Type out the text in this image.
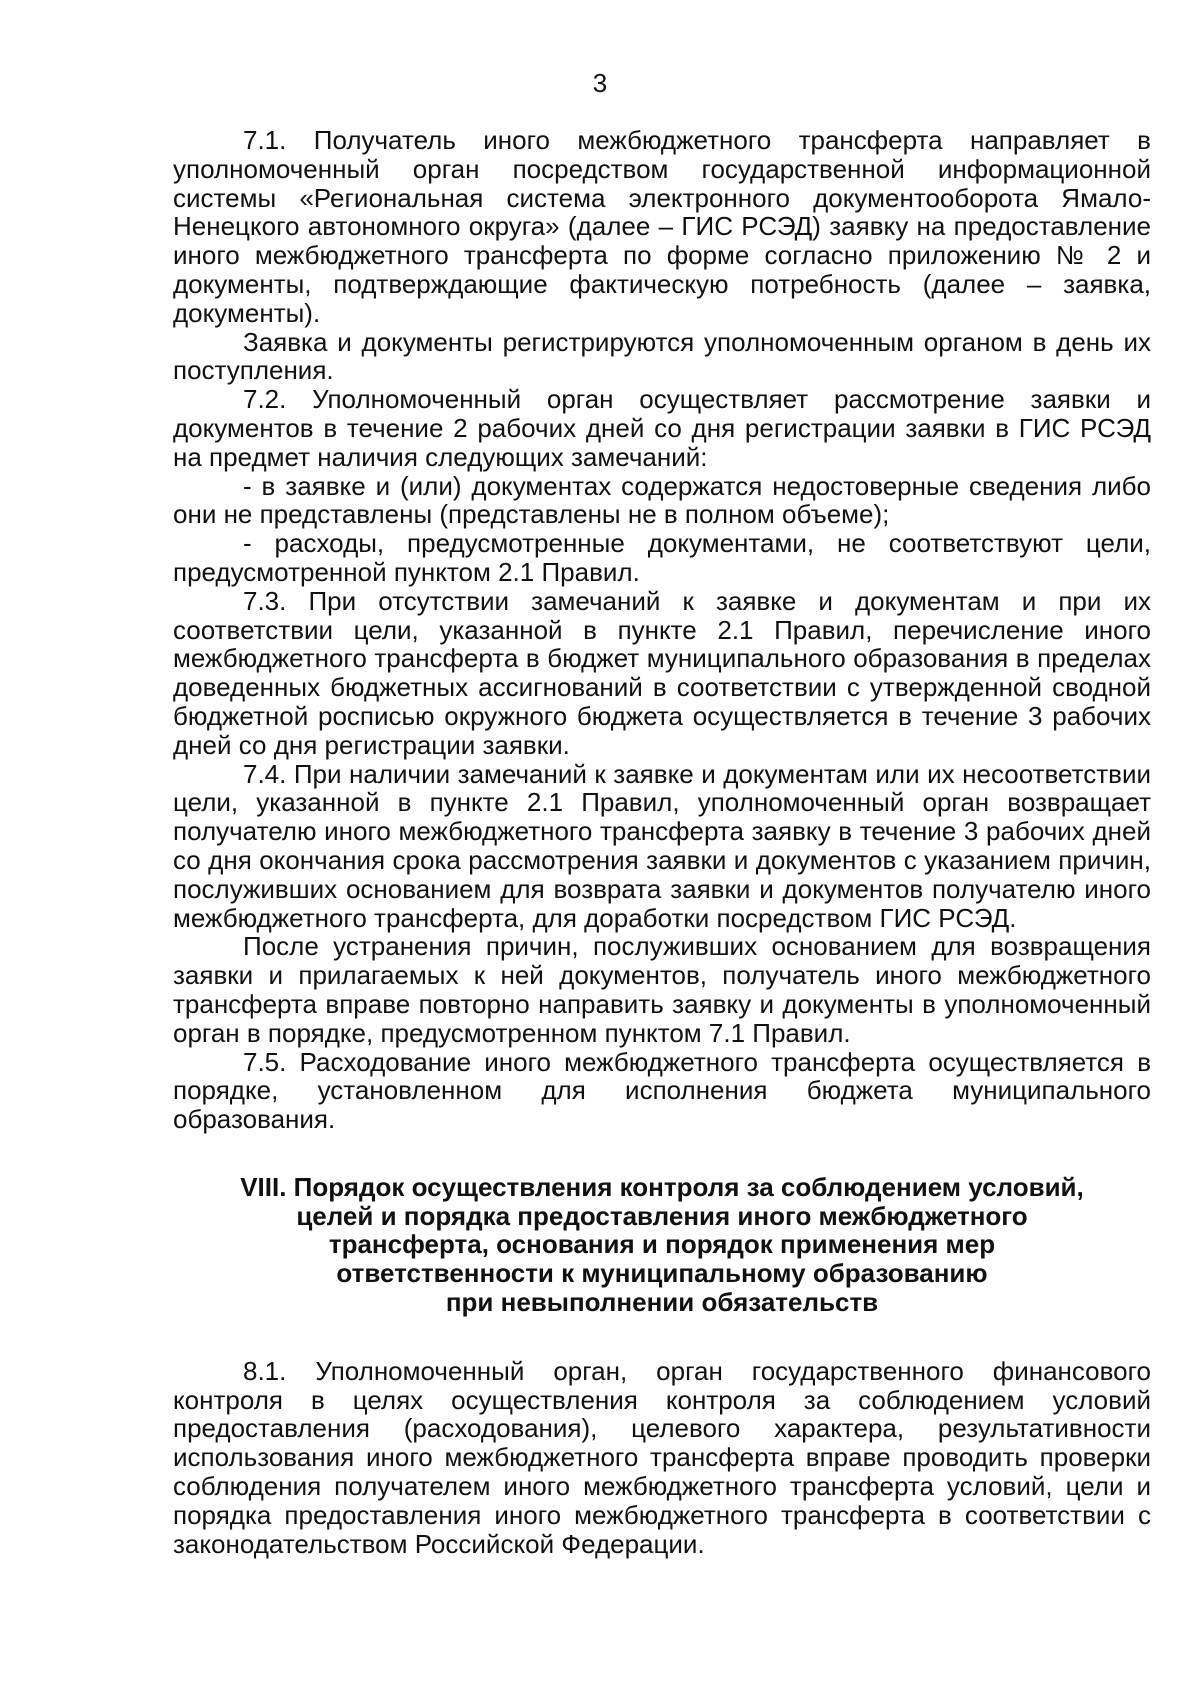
3

7.1. Получатель иного межбюджетного трансферта направляет в уполномоченный орган посредством государственной информационной системы «Региональная система электронного документооборота Ямало-Ненецкого автономного округа» (далее – ГИС РСЭД) заявку на предоставление иного межбюджетного трансферта по форме согласно приложению № 2 и документы, подтверждающие фактическую потребность (далее – заявка, документы).

Заявка и документы регистрируются уполномоченным органом в день их поступления.

7.2. Уполномоченный орган осуществляет рассмотрение заявки и документов в течение 2 рабочих дней со дня регистрации заявки в ГИС РСЭД на предмет наличия следующих замечаний:

- в заявке и (или) документах содержатся недостоверные сведения либо они не представлены (представлены не в полном объеме);

- расходы, предусмотренные документами, не соответствуют цели, предусмотренной пунктом 2.1 Правил.

7.3. При отсутствии замечаний к заявке и документам и при их соответствии цели, указанной в пункте 2.1 Правил, перечисление иного межбюджетного трансферта в бюджет муниципального образования в пределах доведенных бюджетных ассигнований в соответствии с утвержденной сводной бюджетной росписью окружного бюджета осуществляется в течение 3 рабочих дней со дня регистрации заявки.

7.4. При наличии замечаний к заявке и документам или их несоответствии цели, указанной в пункте 2.1 Правил, уполномоченный орган возвращает получателю иного межбюджетного трансферта заявку в течение 3 рабочих дней со дня окончания срока рассмотрения заявки и документов с указанием причин, послуживших основанием для возврата заявки и документов получателю иного межбюджетного трансферта, для доработки посредством ГИС РСЭД.

После устранения причин, послуживших основанием для возвращения заявки и прилагаемых к ней документов, получатель иного межбюджетного трансферта вправе повторно направить заявку и документы в уполномоченный орган в порядке, предусмотренном пунктом 7.1 Правил.

7.5. Расходование иного межбюджетного трансферта осуществляется в порядке, установленном для исполнения бюджета муниципального образования.

VIII. Порядок осуществления контроля за соблюдением условий,
целей и порядка предоставления иного межбюджетного
трансферта, основания и порядок применения мер
ответственности к муниципальному образованию
при невыполнении обязательств

8.1. Уполномоченный орган, орган государственного финансового контроля в целях осуществления контроля за соблюдением условий предоставления (расходования), целевого характера, результативности использования иного межбюджетного трансферта вправе проводить проверки соблюдения получателем иного межбюджетного трансферта условий, цели и порядка предоставления иного межбюджетного трансферта в соответствии с законодательством Российской Федерации.
